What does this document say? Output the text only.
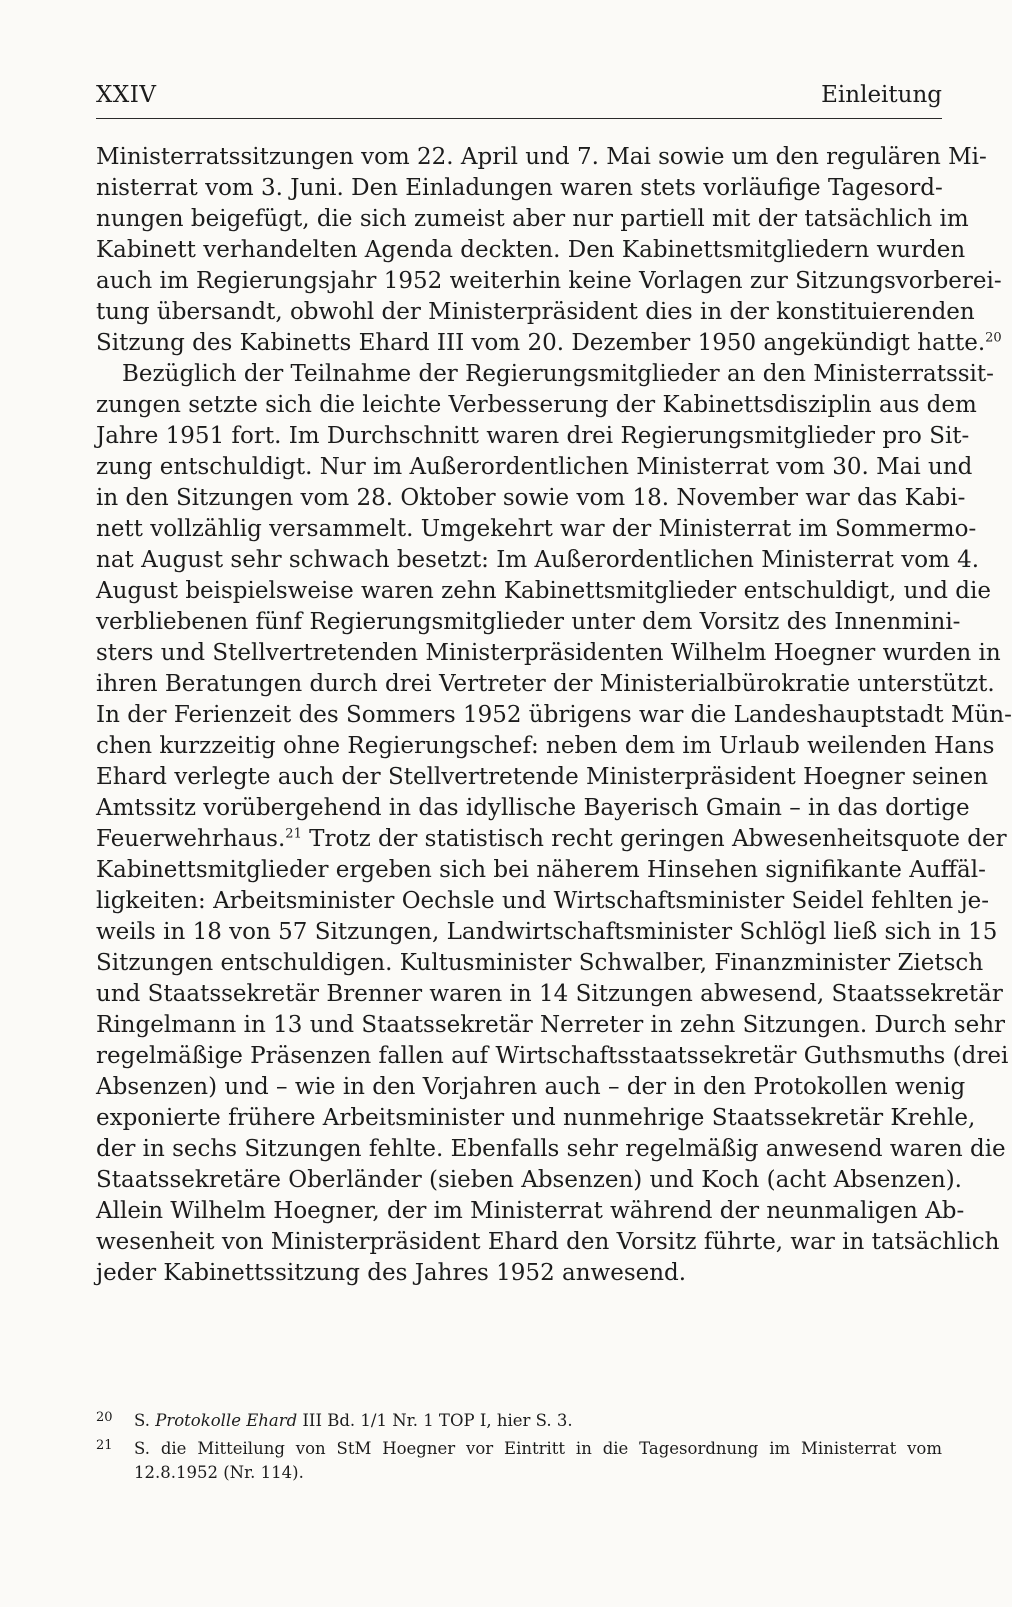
XXIV	Einleitung
Ministerratssitzungen vom 22. April und 7. Mai sowie um den regulären Mi-
nisterrat vom 3. Juni. Den Einladungen waren stets vorläufige Tagesord-
nungen beigefügt, die sich zumeist aber nur partiell mit der tatsächlich im
Kabinett verhandelten Agenda deckten. Den Kabinettsmitgliedern wurden
auch im Regierungsjahr 1952 weiterhin keine Vorlagen zur Sitzungsvorberei-
tung übersandt, obwohl der Ministerpräsident dies in der konstituierenden
Sitzung des Kabinetts Ehard III vom 20. Dezember 1950 angekündigt hatte.$^{20}$
Bezüglich der Teilnahme der Regierungsmitglieder an den Ministerratssit-
zungen setzte sich die leichte Verbesserung der Kabinettsdisziplin aus dem
Jahre 1951 fort. Im Durchschnitt waren drei Regierungsmitglieder pro Sit-
zung entschuldigt. Nur im Außerordentlichen Ministerrat vom 30. Mai und
in den Sitzungen vom 28. Oktober sowie vom 18. November war das Kabi-
nett vollzählig versammelt. Umgekehrt war der Ministerrat im Sommermo-
nat August sehr schwach besetzt: Im Außerordentlichen Ministerrat vom 4.
August beispielsweise waren zehn Kabinettsmitglieder entschuldigt, und die
verbliebenen fünf Regierungsmitglieder unter dem Vorsitz des Innenmini-
sters und Stellvertretenden Ministerpräsidenten Wilhelm Hoegner wurden in
ihren Beratungen durch drei Vertreter der Ministerialbürokratie unterstützt.
In der Ferienzeit des Sommers 1952 übrigens war die Landeshauptstadt Mün-
chen kurzzeitig ohne Regierungschef: neben dem im Urlaub weilenden Hans
Ehard verlegte auch der Stellvertretende Ministerpräsident Hoegner seinen
Amtssitz vorübergehend in das idyllische Bayerisch Gmain – in das dortige
Feuerwehrhaus.$^{21}$ Trotz der statistisch recht geringen Abwesenheitsquote der
Kabinettsmitglieder ergeben sich bei näherem Hinsehen signifikante Auffäl-
ligkeiten: Arbeitsminister Oechsle und Wirtschaftsminister Seidel fehlten je-
weils in 18 von 57 Sitzungen, Landwirtschaftsminister Schlögl ließ sich in 15
Sitzungen entschuldigen. Kultusminister Schwalber, Finanzminister Zietsch
und Staatssekretär Brenner waren in 14 Sitzungen abwesend, Staatssekretär
Ringelmann in 13 und Staatssekretär Nerreter in zehn Sitzungen. Durch sehr
regelmäßige Präsenzen fallen auf Wirtschaftsstaatssekretär Guthsmuths (drei
Absenzen) und – wie in den Vorjahren auch – der in den Protokollen wenig
exponierte frühere Arbeitsminister und nunmehrige Staatssekretär Krehle,
der in sechs Sitzungen fehlte. Ebenfalls sehr regelmäßig anwesend waren die
Staatssekretäre Oberländer (sieben Absenzen) und Koch (acht Absenzen).
Allein Wilhelm Hoegner, der im Ministerrat während der neunmaligen Ab-
wesenheit von Ministerpräsident Ehard den Vorsitz führte, war in tatsächlich
jeder Kabinettssitzung des Jahres 1952 anwesend.
20 S. Protokolle Ehard III Bd. 1/1 Nr. 1 TOP I, hier S. 3.
21 S. die Mitteilung von StM Hoegner vor Eintritt in die Tagesordnung im Ministerrat vom
12.8.1952 (Nr. 114).
